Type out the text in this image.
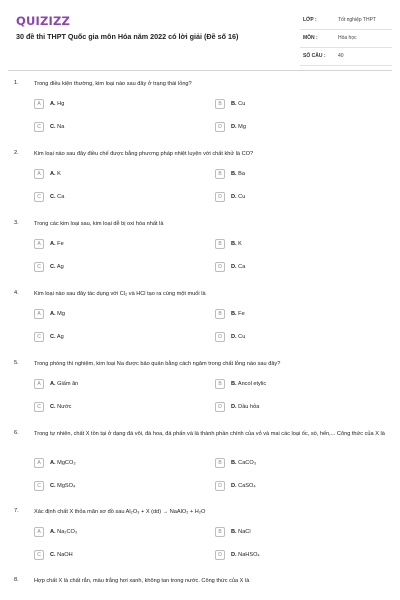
QUIZIZZ
30 đề thi THPT Quốc gia môn Hóa năm 2022 có lời giải (Đề số 16)
LỚP :	Tốt nghiệp THPT
MÔN :	Hóa học
SỐ CÂU :	40
1.	Trong điều kiện thường, kim loại nào sau đây ở trạng thái lỏng?
A	A. Hg	B	B. Cu
C	C. Na	D	D. Mg
2.	Kim loại nào sau đây điều chế được bằng phương pháp nhiệt luyện với chất khử là CO?
A	A. K	B	B. Ba
C	C. Ca	D	D. Cu
3.	Trong các kim loại sau, kim loại dễ bị oxi hóa nhất là
A	A. Fe	B	B. K
C	C. Ag	D	D. Ca
4.	Kim loại nào sau đây tác dụng với Cl₂ và HCl tạo ra cùng một muối là
A	A. Mg	B	B. Fe
C	C. Ag	D	D. Cu
5.	Trong phòng thí nghiệm, kim loại Na được bảo quản bằng cách ngâm trong chất lỏng nào sau đây?
A	A. Giấm ăn	B	B. Ancol etylic
C	C. Nước	D	D. Dầu hỏa
6.	Trong tự nhiên, chất X tồn tại ở dạng đá vôi, đá hoa, đá phấn và là thành phần chính của vỏ và mai các loại ốc, sò, hến,... Công thức của X là
A	A. MgCO₃	B	B. CaCO₃
C	C. MgSO₄	D	D. CaSO₄
7.	Xác định chất X thỏa mãn sơ đồ sau Al₂O₃ + X (dd) → NaAlO₂ + H₂O
A	A. Na₂CO₃	B	B. NaCl
C	C. NaOH	D	D. NaHSO₄
8.	Hợp chất X là chất rắn, màu trắng hơi xanh, không tan trong nước. Công thức của X là
